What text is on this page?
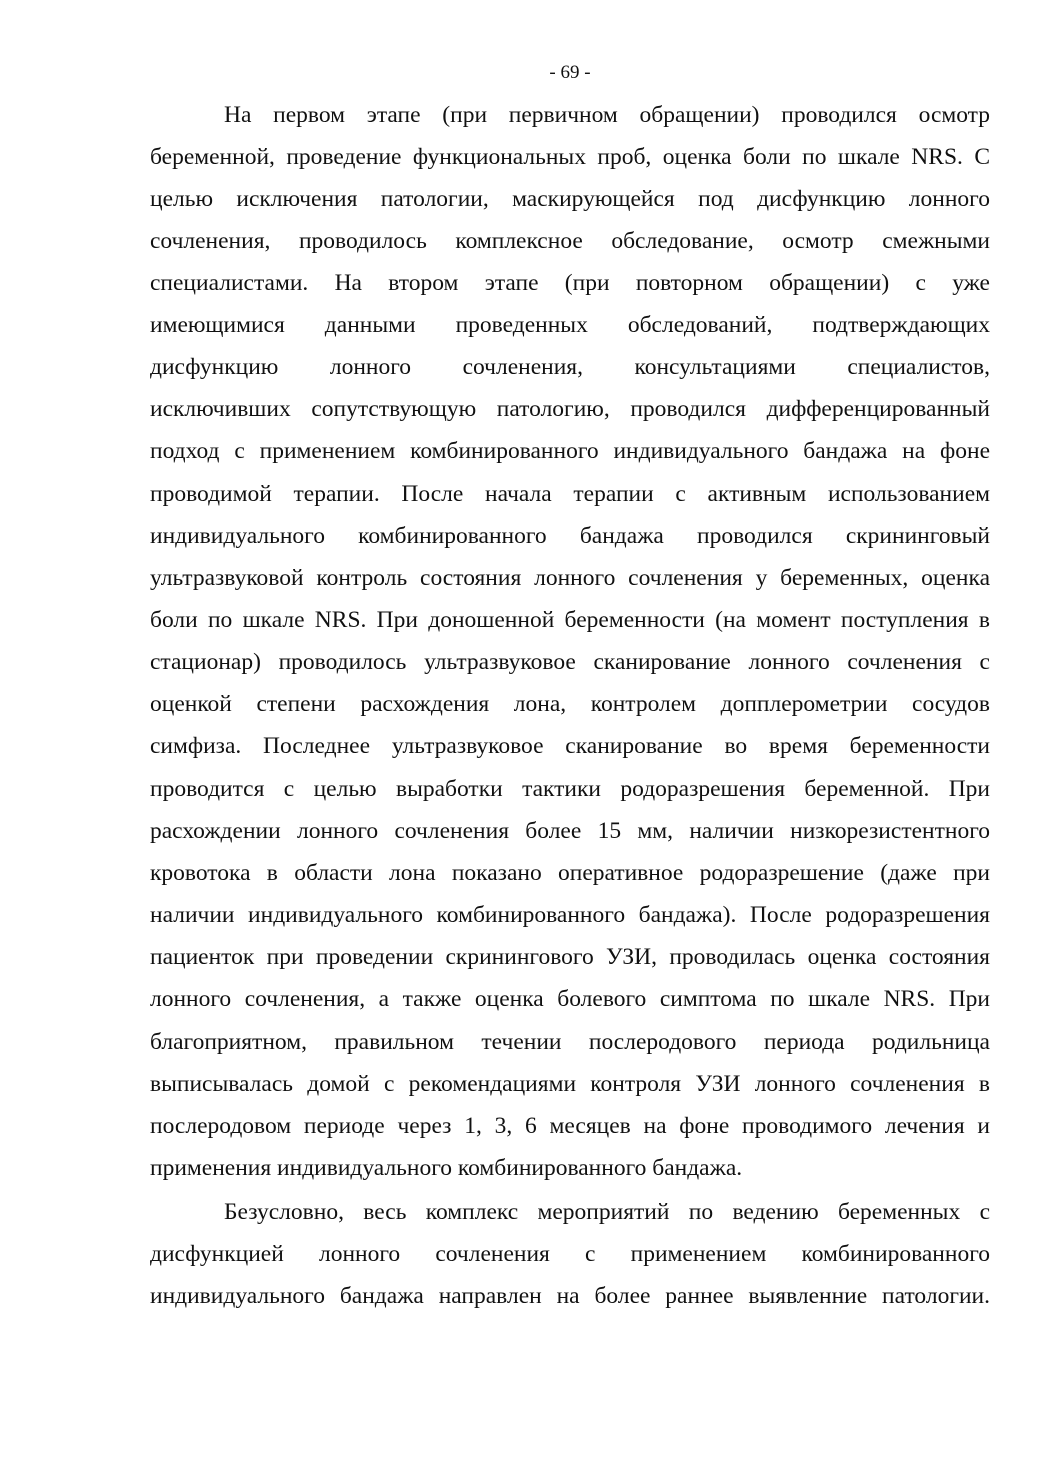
- 69 -
На первом этапе (при первичном обращении) проводился осмотр
беременной, проведение функциональных проб, оценка боли по шкале NRS. С
целью исключения патологии, маскирующейся под дисфункцию лонного
сочленения, проводилось комплексное обследование, осмотр смежными
специалистами. На втором этапе (при повторном обращении) с уже
имеющимися данными проведенных обследований, подтверждающих
дисфункцию лонного сочленения, консультациями специалистов,
исключивших сопутствующую патологию, проводился дифференцированный
подход с применением комбинированного индивидуального бандажа на фоне
проводимой терапии. После начала терапии с активным использованием
индивидуального комбинированного бандажа проводился скрининговый
ультразвуковой контроль состояния лонного сочленения у беременных, оценка
боли по шкале NRS. При доношенной беременности (на момент поступления в
стационар) проводилось ультразвуковое сканирование лонного сочленения с
оценкой степени расхождения лона, контролем допплерометрии сосудов
симфиза. Последнее ультразвуковое сканирование во время беременности
проводится с целью выработки тактики родоразрешения беременной. При
расхождении лонного сочленения более 15 мм, наличии низкорезистентного
кровотока в области лона показано оперативное родоразрешение (даже при
наличии индивидуального комбинированного бандажа). После родоразрешения
пациенток при проведении скринингового УЗИ, проводилась оценка состояния
лонного сочленения, а также оценка болевого симптома по шкале NRS. При
благоприятном, правильном течении послеродового периода родильница
выписывалась домой с рекомендациями контроля УЗИ лонного сочленения в
послеродовом периоде через 1, 3, 6 месяцев на фоне проводимого лечения и
применения индивидуального комбинированного бандажа.
Безусловно, весь комплекс мероприятий по ведению беременных с
дисфункцией лонного сочленения с применением комбинированного
индивидуального бандажа направлен на более раннее выявленние патологии.
